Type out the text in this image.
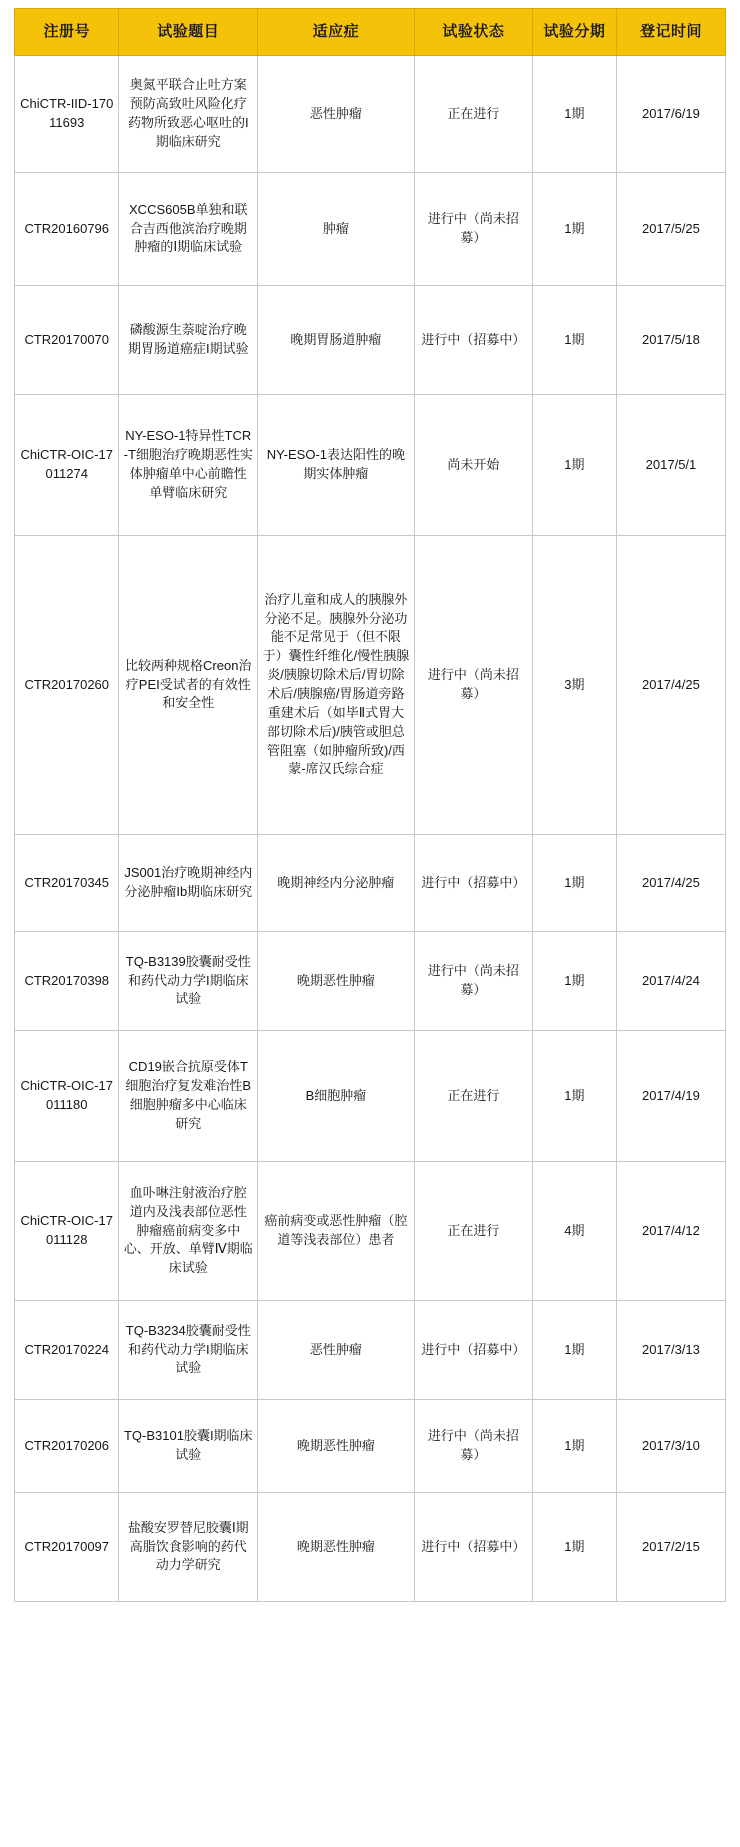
注册号	试验题目	适应症	试验状态	试验分期	登记时间
ChiCTR-IID-17011693	奥氮平联合止吐方案预防高致吐风险化疗药物所致恶心呕吐的I期临床研究	恶性肿瘤	正在进行	1期	2017/6/19
CTR20160796	XCCS605B单独和联合吉西他滨治疗晚期肿瘤的Ⅰ期临床试验	肿瘤	进行中（尚未招募）	1期	2017/5/25
CTR20170070	磷酸源生萘啶治疗晚期胃肠道癌症I期试验	晚期胃肠道肿瘤	进行中（招募中）	1期	2017/5/18
ChiCTR-OIC-17011274	NY-ESO-1特异性TCR-T细胞治疗晚期恶性实体肿瘤单中心前瞻性单臂临床研究	NY-ESO-1表达阳性的晚期实体肿瘤	尚未开始	1期	2017/5/1
CTR20170260	比较两种规格Creon治疗PEI受试者的有效性和安全性	治疗儿童和成人的胰腺外分泌不足。胰腺外分泌功能不足常见于（但不限于）囊性纤维化/慢性胰腺炎/胰腺切除术后/胃切除术后/胰腺癌/胃肠道旁路重建术后（如毕Ⅱ式胃大部切除术后)/胰管或胆总管阻塞（如肿瘤所致)/西蒙-席汉氏综合症	进行中（尚未招募）	3期	2017/4/25
CTR20170345	JS001治疗晚期神经内分泌肿瘤Ib期临床研究	晚期神经内分泌肿瘤	进行中（招募中）	1期	2017/4/25
CTR20170398	TQ-B3139胶囊耐受性和药代动力学I期临床试验	晚期恶性肿瘤	进行中（尚未招募）	1期	2017/4/24
ChiCTR-OIC-17011180	CD19嵌合抗原受体T细胞治疗复发难治性B细胞肿瘤多中心临床研究	B细胞肿瘤	正在进行	1期	2017/4/19
ChiCTR-OIC-17011128	血卟啉注射液治疗腔道内及浅表部位恶性肿瘤癌前病变多中心、开放、单臂Ⅳ期临床试验	癌前病变或恶性肿瘤（腔道等浅表部位）患者	正在进行	4期	2017/4/12
CTR20170224	TQ-B3234胶囊耐受性和药代动力学I期临床试验	恶性肿瘤	进行中（招募中）	1期	2017/3/13
CTR20170206	TQ-B3101胶囊I期临床试验	晚期恶性肿瘤	进行中（尚未招募）	1期	2017/3/10
CTR20170097	盐酸安罗替尼胶囊Ⅰ期高脂饮食影响的药代动力学研究	晚期恶性肿瘤	进行中（招募中）	1期	2017/2/15
